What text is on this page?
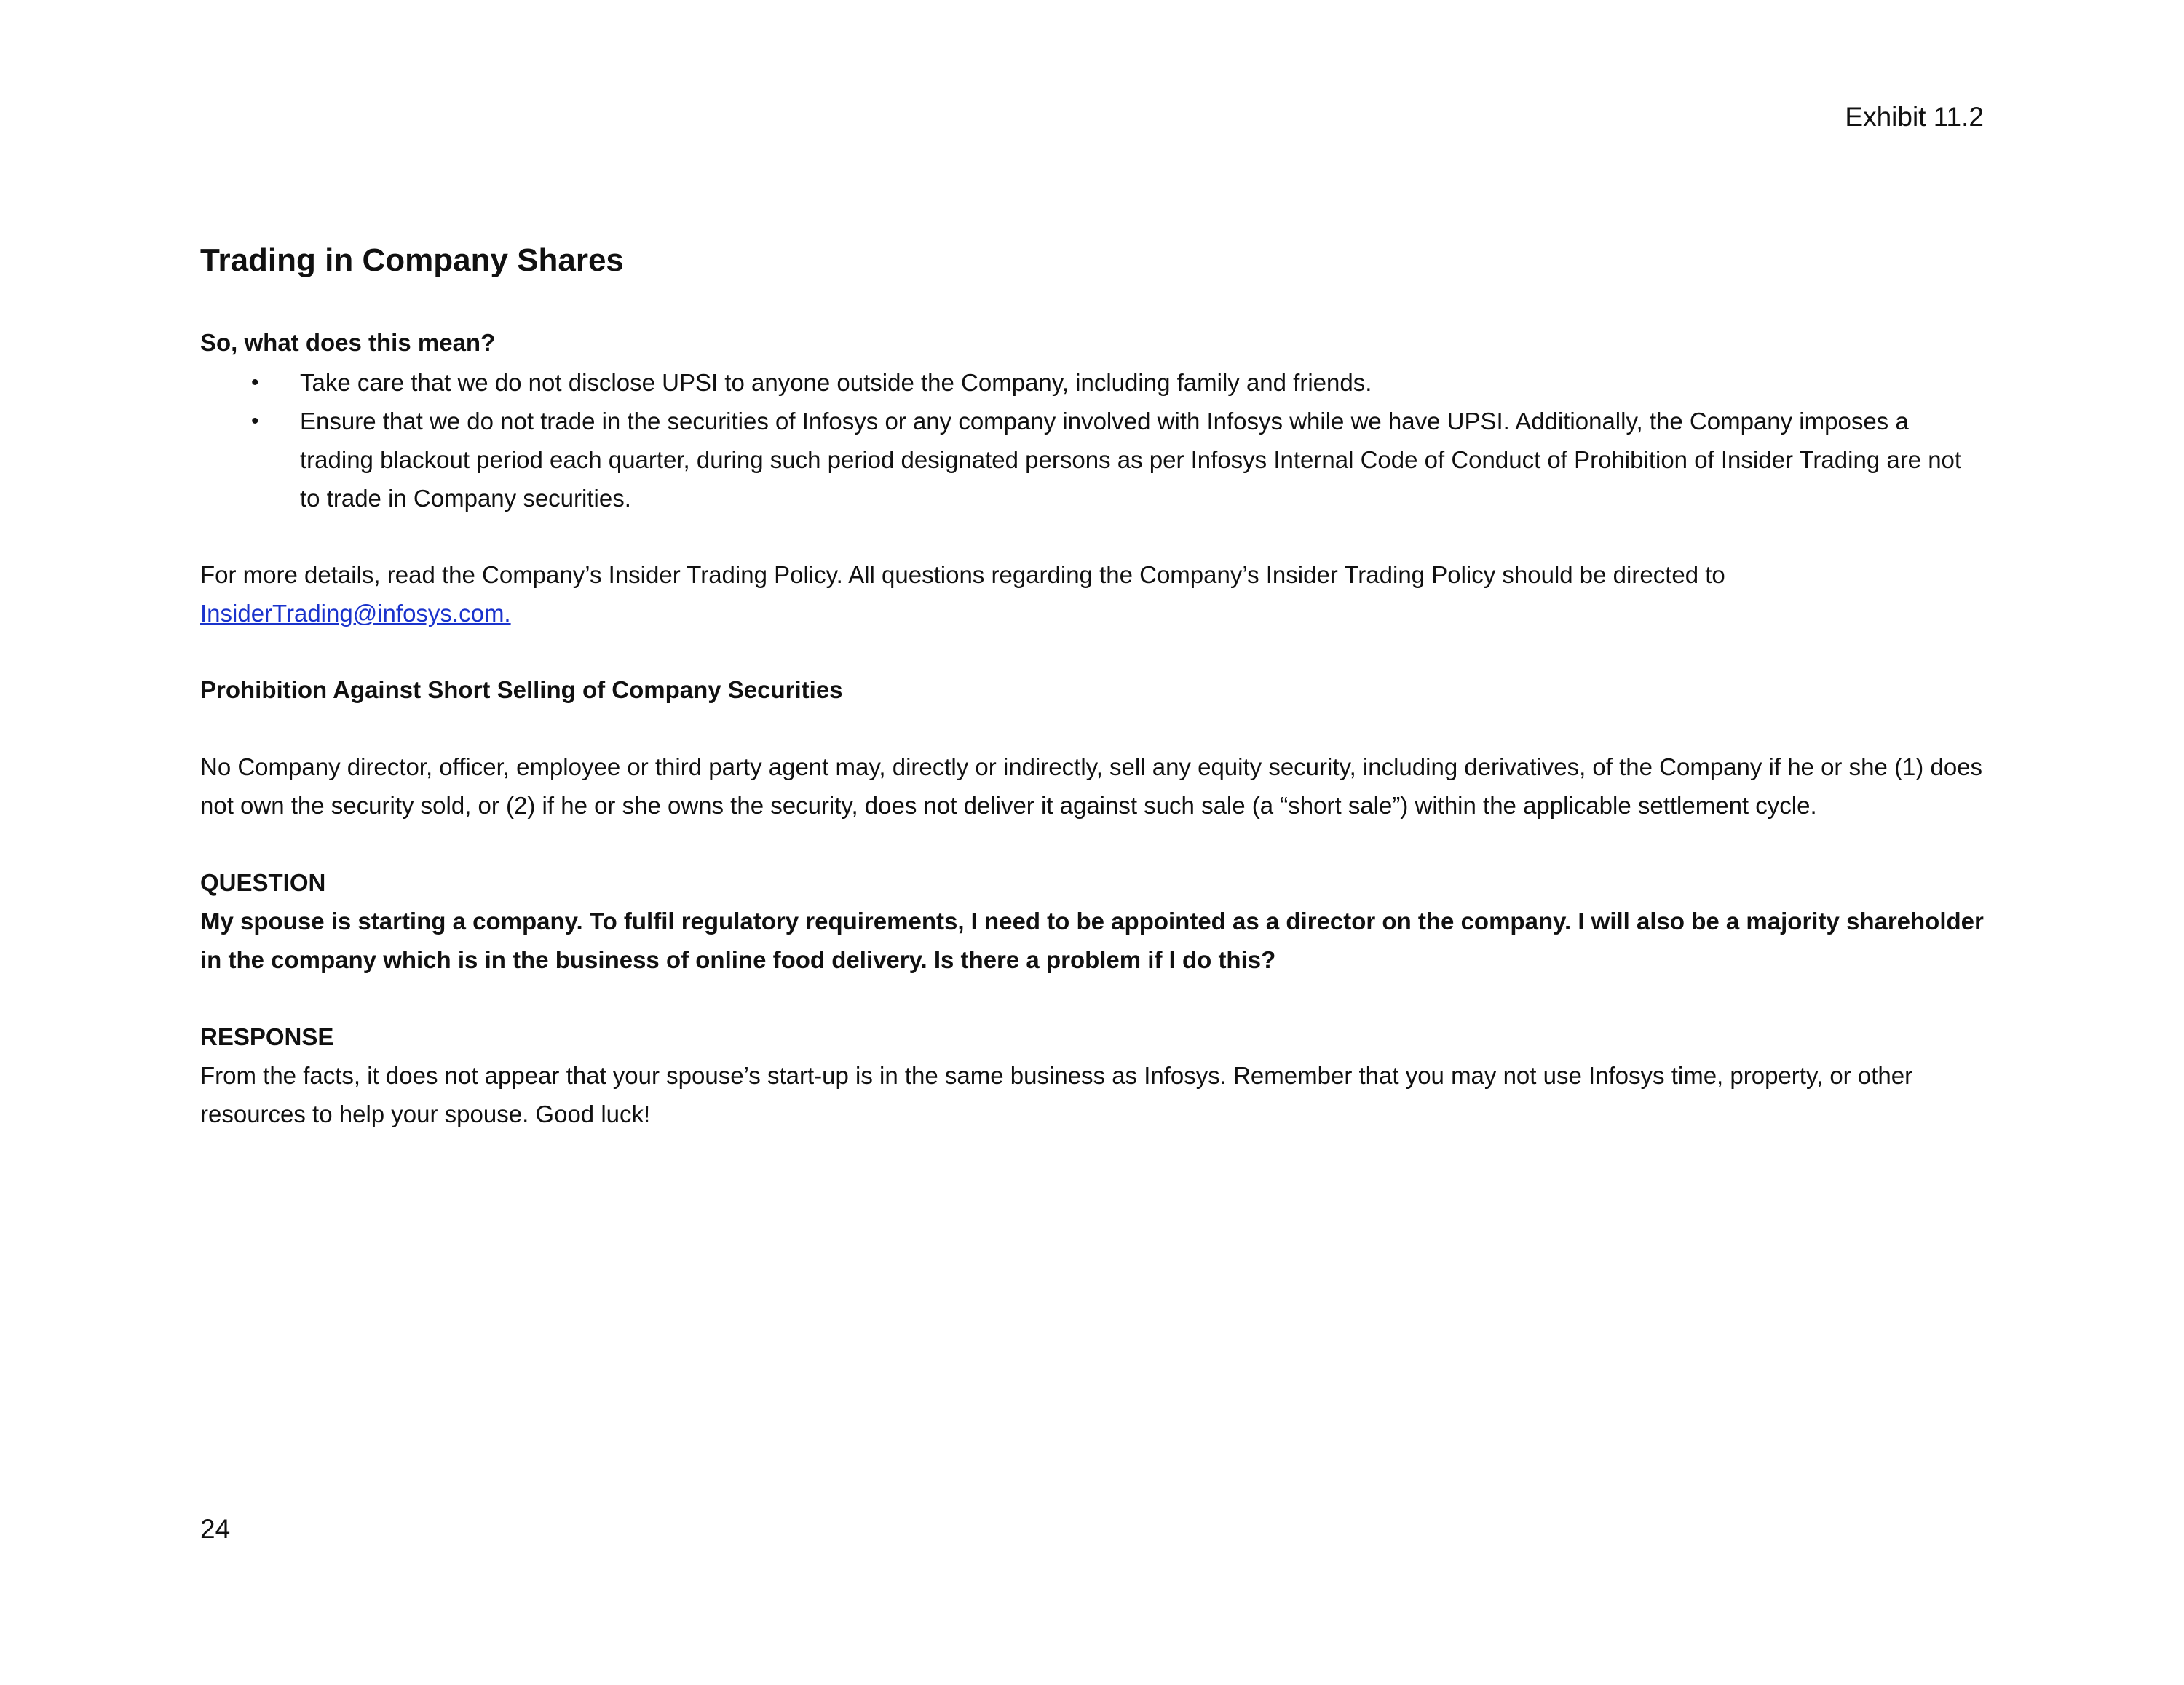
Exhibit 11.2
Trading in Company Shares

So, what does this mean?

• Take care that we do not disclose UPSI to anyone outside the Company, including family and friends.
• Ensure that we do not trade in the securities of Infosys or any company involved with Infosys while we have UPSI. Additionally, the Company imposes a trading blackout period each quarter, during such period designated persons as per Infosys Internal Code of Conduct of Prohibition of Insider Trading are not to trade in Company securities.

For more details, read the Company’s Insider Trading Policy. All questions regarding the Company’s Insider Trading Policy should be directed to
InsiderTrading@infosys.com.

Prohibition Against Short Selling of Company Securities

No Company director, officer, employee or third party agent may, directly or indirectly, sell any equity security, including derivatives, of the Company if he or she (1) does not own the security sold, or (2) if he or she owns the security, does not deliver it against such sale (a “short sale”) within the applicable settlement cycle.

QUESTION

My spouse is starting a company. To fulfil regulatory requirements, I need to be appointed as a director on the company. I will also be a majority shareholder in the company which is in the business of online food delivery. Is there a problem if I do this?

RESPONSE

From the facts, it does not appear that your spouse’s start-up is in the same business as Infosys. Remember that you may not use Infosys time, property, or other resources to help your spouse. Good luck!

24
